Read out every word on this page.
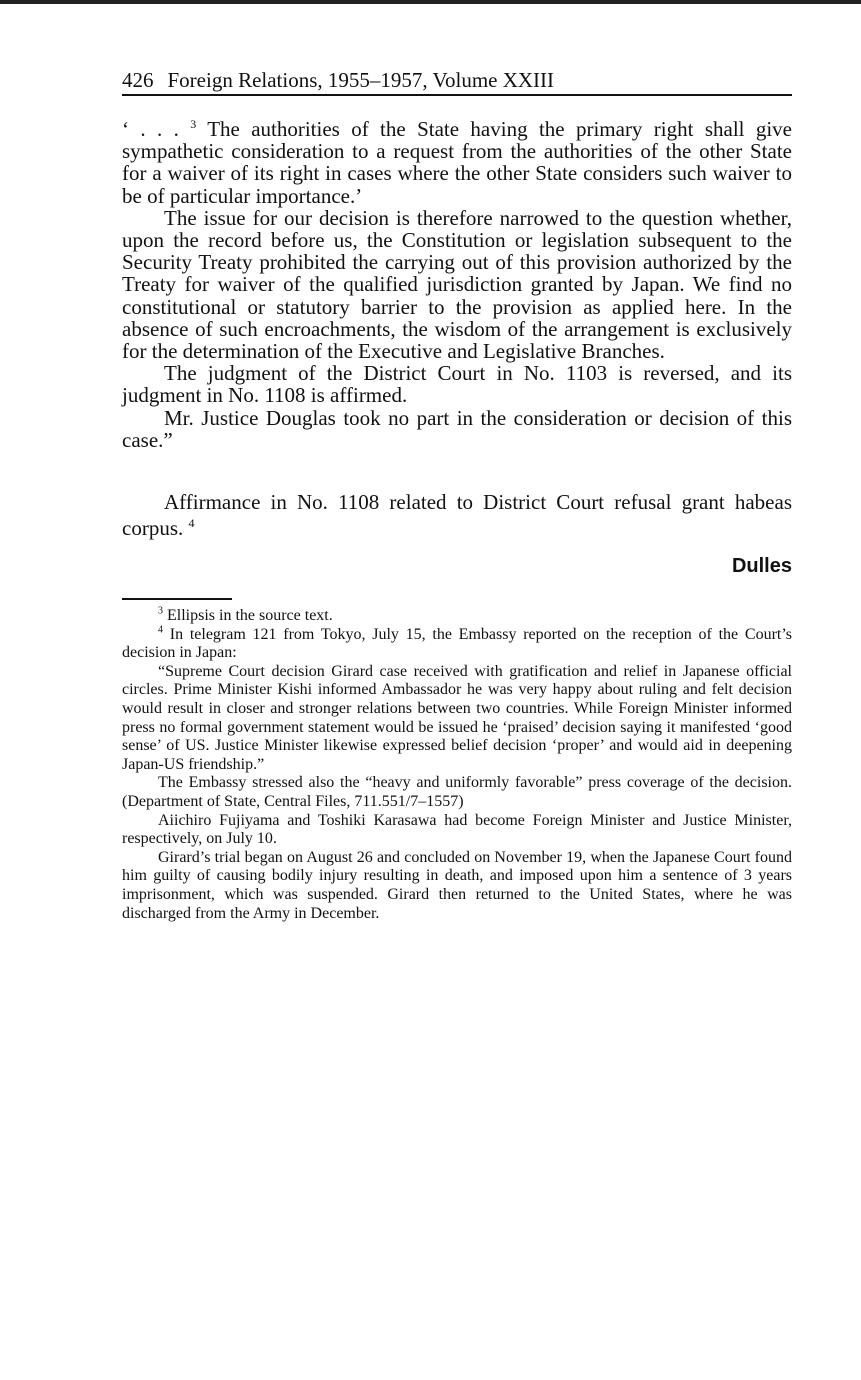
426 Foreign Relations, 1955–1957, Volume XXIII

‘ . . . $^3$ The authorities of the State having the primary right shall give sympathetic consideration to a request from the authorities of the other State for a waiver of its right in cases where the other State considers such waiver to be of particular importance.’

The issue for our decision is therefore narrowed to the question whether, upon the record before us, the Constitution or legislation subsequent to the Security Treaty prohibited the carrying out of this provision authorized by the Treaty for waiver of the qualified jurisdiction granted by Japan. We find no constitutional or statutory barrier to the provision as applied here. In the absence of such encroachments, the wisdom of the arrangement is exclusively for the determination of the Executive and Legislative Branches.

The judgment of the District Court in No. 1103 is reversed, and its judgment in No. 1108 is affirmed.

Mr. Justice Douglas took no part in the consideration or decision of this case.”

Affirmance in No. 1108 related to District Court refusal grant habeas corpus. $^4$

Dulles

$^3$ Ellipsis in the source text.

$^4$ In telegram 121 from Tokyo, July 15, the Embassy reported on the reception of the Court’s decision in Japan:

“Supreme Court decision Girard case received with gratification and relief in Japanese official circles. Prime Minister Kishi informed Ambassador he was very happy about ruling and felt decision would result in closer and stronger relations between two countries. While Foreign Minister informed press no formal government statement would be issued he ‘praised’ decision saying it manifested ‘good sense’ of US. Justice Minister likewise expressed belief decision ‘proper’ and would aid in deepening Japan-US friendship.”

The Embassy stressed also the “heavy and uniformly favorable” press coverage of the decision. (Department of State, Central Files, 711.551/7–1557)

Aiichiro Fujiyama and Toshiki Karasawa had become Foreign Minister and Justice Minister, respectively, on July 10.

Girard’s trial began on August 26 and concluded on November 19, when the Japanese Court found him guilty of causing bodily injury resulting in death, and imposed upon him a sentence of 3 years imprisonment, which was suspended. Girard then returned to the United States, where he was discharged from the Army in December.
